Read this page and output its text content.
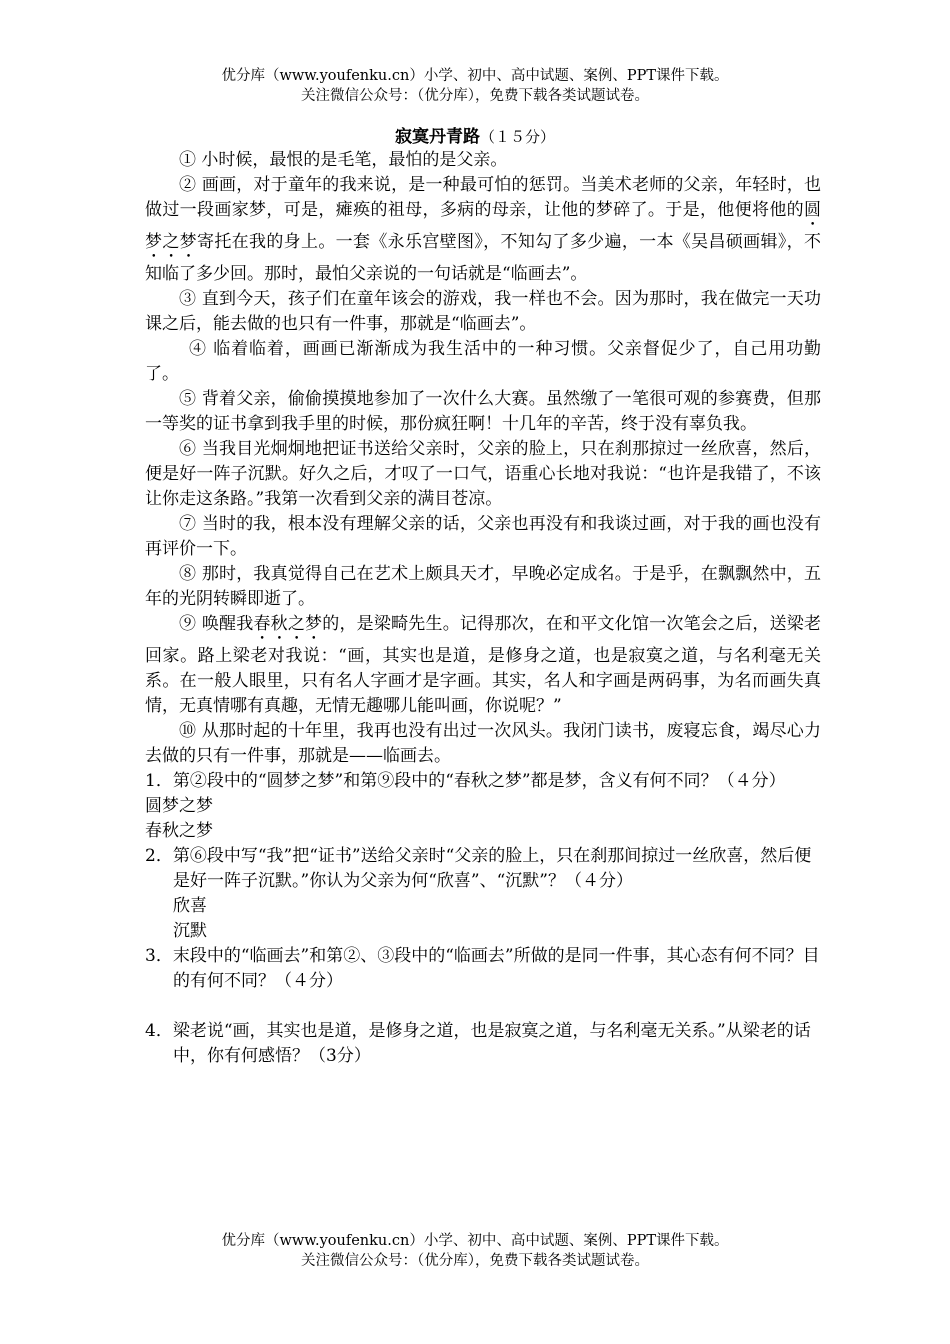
优分库（www.youfenku.cn）小学、初中、高中试题、案例、PPT课件下载。
关注微信公众号：（优分库），免费下载各类试题试卷。
寂寞丹青路（１５分）

① 小时候，最恨的是毛笔，最怕的是父亲。

② 画画，对于童年的我来说，是一种最可怕的惩罚。当美术老师的父亲，年轻时，也做过一段画家梦，可是，瘫痪的祖母，多病的母亲，让他的梦碎了。于是，他便将他的圆梦之梦寄托在我的身上。一套《永乐宫壁图》，不知勾了多少遍，一本《吴昌硕画辑》，不知临了多少回。那时，最怕父亲说的一句话就是“临画去”。

③ 直到今天，孩子们在童年该会的游戏，我一样也不会。因为那时，我在做完一天功课之后，能去做的也只有一件事，那就是“临画去”。

④ 临着临着，画画已渐渐成为我生活中的一种习惯。父亲督促少了，自己用功勤了。

⑤ 背着父亲，偷偷摸摸地参加了一次什么大赛。虽然缴了一笔很可观的参赛费，但那一等奖的证书拿到我手里的时候，那份疯狂啊！十几年的辛苦，终于没有辜负我。

⑥ 当我目光炯炯地把证书送给父亲时，父亲的脸上，只在刹那掠过一丝欣喜，然后，便是好一阵子沉默。好久之后，才叹了一口气，语重心长地对我说：“也许是我错了，不该让你走这条路。”我第一次看到父亲的满目苍凉。

⑦ 当时的我，根本没有理解父亲的话，父亲也再没有和我谈过画，对于我的画也没有再评价一下。

⑧ 那时，我真觉得自己在艺术上颇具天才，早晚必定成名。于是乎，在飘飘然中，五年的光阴转瞬即逝了。

⑨ 唤醒我春秋之梦的，是梁畸先生。记得那次，在和平文化馆一次笔会之后，送梁老回家。路上梁老对我说：“画，其实也是道，是修身之道，也是寂寞之道，与名利毫无关系。在一般人眼里，只有名人字画才是字画。其实，名人和字画是两码事，为名而画失真情，无真情哪有真趣，无情无趣哪儿能叫画，你说呢？”

⑩ 从那时起的十年里，我再也没有出过一次风头。我闭门读书，废寝忘食，竭尽心力去做的只有一件事，那就是——临画去。

1．第②段中的“圆梦之梦”和第⑨段中的“春秋之梦”都是梦，含义有何不同？（４分）

圆梦之梦

春秋之梦

2．第⑥段中写“我”把“证书”送给父亲时“父亲的脸上，只在刹那间掠过一丝欣喜，然后便是好一阵子沉默。”你认为父亲为何“欣喜”、“沉默”？（４分）

欣喜

沉默

3．末段中的“临画去”和第②、③段中的“临画去”所做的是同一件事，其心态有何不同？目的有何不同？（４分）

4．梁老说“画，其实也是道，是修身之道，也是寂寞之道，与名利毫无关系。”从梁老的话中，你有何感悟？（3分）

优分库（www.youfenku.cn）小学、初中、高中试题、案例、PPT课件下载。
关注微信公众号：（优分库），免费下载各类试题试卷。
